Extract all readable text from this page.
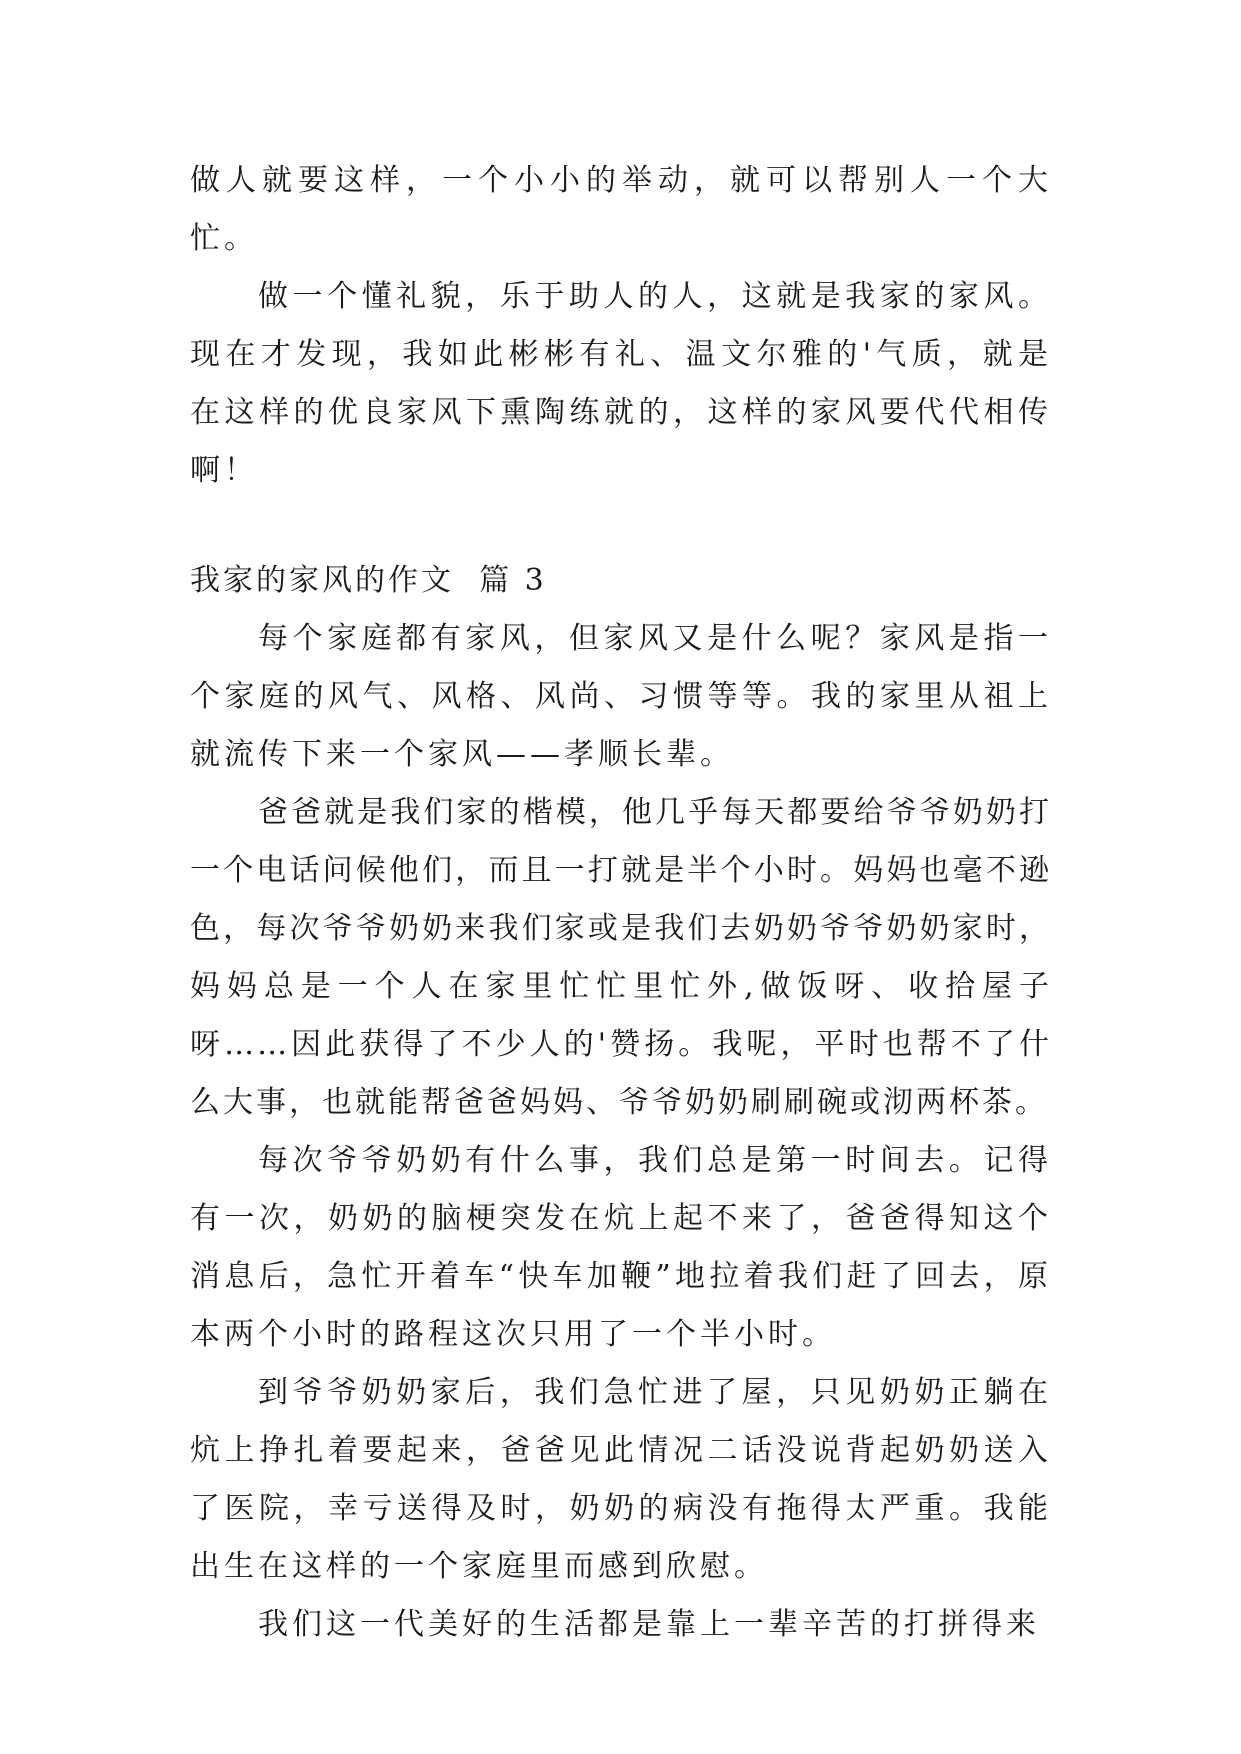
做人就要这样，一个小小的举动，就可以帮别人一个大忙。

做一个懂礼貌，乐于助人的人，这就是我家的家风。现在才发现，我如此彬彬有礼、温文尔雅的'气质，就是在这样的优良家风下熏陶练就的，这样的家风要代代相传啊！

我家的家风的作文  篇 3

每个家庭都有家风，但家风又是什么呢？家风是指一个家庭的风气、风格、风尚、习惯等等。我的家里从祖上就流传下来一个家风——孝顺长辈。

爸爸就是我们家的楷模，他几乎每天都要给爷爷奶奶打一个电话问候他们，而且一打就是半个小时。妈妈也毫不逊色，每次爷爷奶奶来我们家或是我们去奶奶爷爷奶奶家时，妈妈总是一个人在家里忙忙里忙外,做饭呀、收拾屋子呀……因此获得了不少人的'赞扬。我呢，平时也帮不了什么大事，也就能帮爸爸妈妈、爷爷奶奶刷刷碗或沏两杯茶。

每次爷爷奶奶有什么事，我们总是第一时间去。记得有一次，奶奶的脑梗突发在炕上起不来了，爸爸得知这个消息后，急忙开着车“快车加鞭”地拉着我们赶了回去，原本两个小时的路程这次只用了一个半小时。

到爷爷奶奶家后，我们急忙进了屋，只见奶奶正躺在炕上挣扎着要起来，爸爸见此情况二话没说背起奶奶送入了医院，幸亏送得及时，奶奶的病没有拖得太严重。我能出生在这样的一个家庭里而感到欣慰。

我们这一代美好的生活都是靠上一辈辛苦的打拼得来
